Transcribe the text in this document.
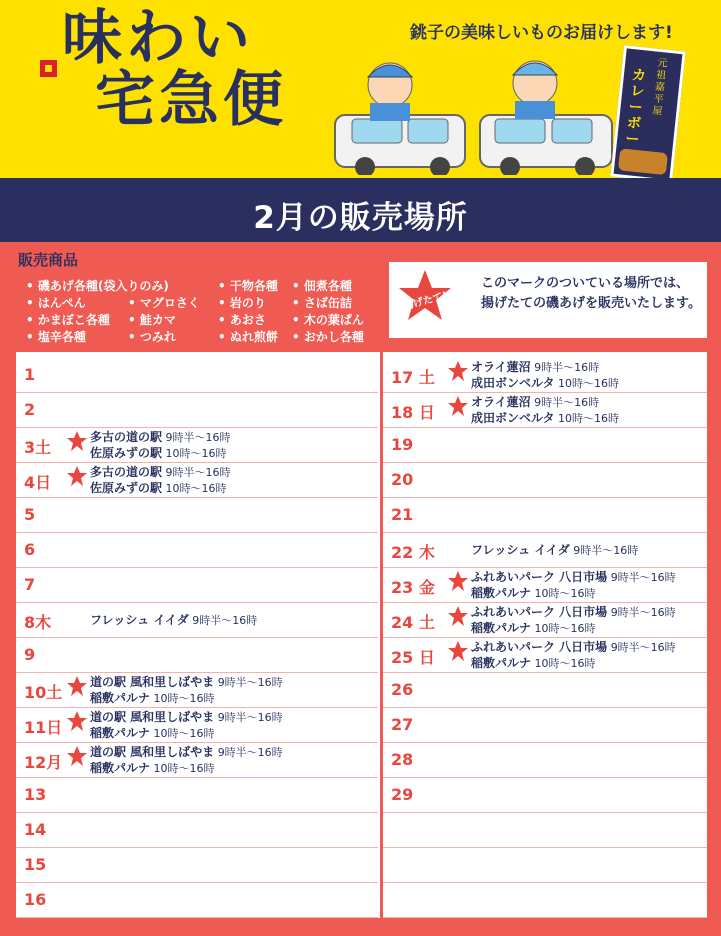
味わい
宅急便
銚子の美味しいものお届けします!
カレーボール
元祖 嘉平屋
2月の販売場所
販売商品
• 磯あげ各種(袋入りのみ)	• 干物各種	• 佃煮各種
• はんぺん	• マグロさく	• 岩のり	• さば缶詰
• かまぼこ各種	• 鮭カマ	• あおさ	• 木の葉ぱん
• 塩辛各種	• つみれ	• ぬれ煎餅	• おかし各種
揚げたて!
このマークのついている場所では、揚げたての磯あげを販売いたします。
1
2
3土
多古の道の駅 9時半〜16時
佐原みずの駅 10時〜16時
4日
多古の道の駅 9時半〜16時
佐原みずの駅 10時〜16時
5
6
7
8木	フレッシュ イイダ 9時半〜16時
9
10土
道の駅 風和里しばやま 9時半〜16時
稲敷パルナ 10時〜16時
11日
道の駅 風和里しばやま 9時半〜16時
稲敷パルナ 10時〜16時
12月
道の駅 風和里しばやま 9時半〜16時
稲敷パルナ 10時〜16時
13
14
15
16
17 土
オライ蓮沼 9時半〜16時
成田ボンベルタ 10時〜16時
18 日
オライ蓮沼 9時半〜16時
成田ボンベルタ 10時〜16時
19
20
21
22 木	フレッシュ イイダ 9時半〜16時
23 金
ふれあいパーク 八日市場 9時半〜16時
稲敷パルナ 10時〜16時
24 土
ふれあいパーク 八日市場 9時半〜16時
稲敷パルナ 10時〜16時
25 日
ふれあいパーク 八日市場 9時半〜16時
稲敷パルナ 10時〜16時
26
27
28
29
